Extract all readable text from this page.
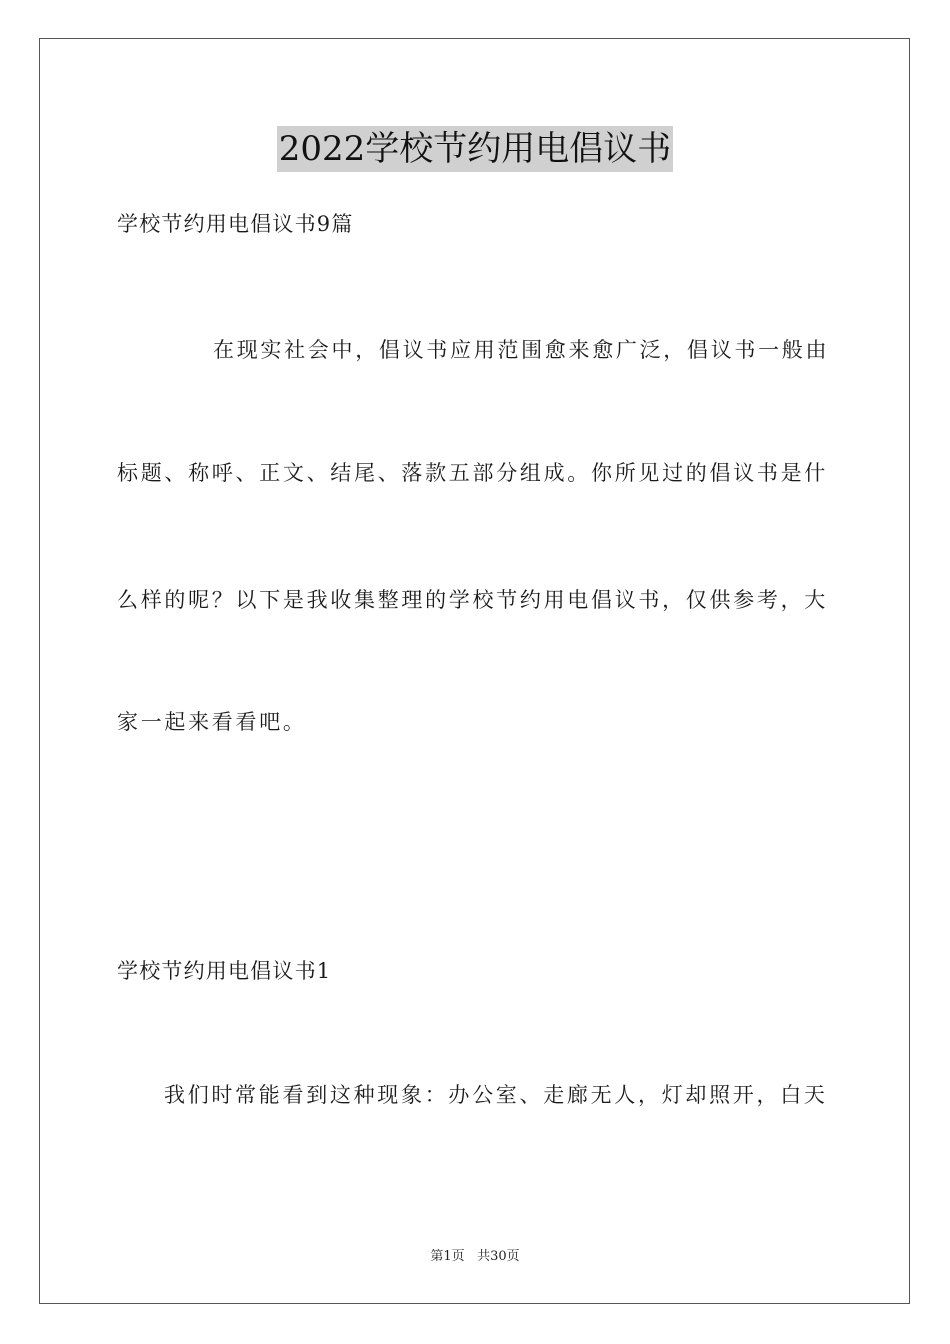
2022学校节约用电倡议书
学校节约用电倡议书9篇
在现实社会中，倡议书应用范围愈来愈广泛，倡议书一般由
标题、称呼、正文、结尾、落款五部分组成。你所见过的倡议书是什
么样的呢？以下是我收集整理的学校节约用电倡议书，仅供参考，大
家一起来看看吧。
学校节约用电倡议书1
我们时常能看到这种现象：办公室、走廊无人，灯却照开，白天
第1页 共30页
